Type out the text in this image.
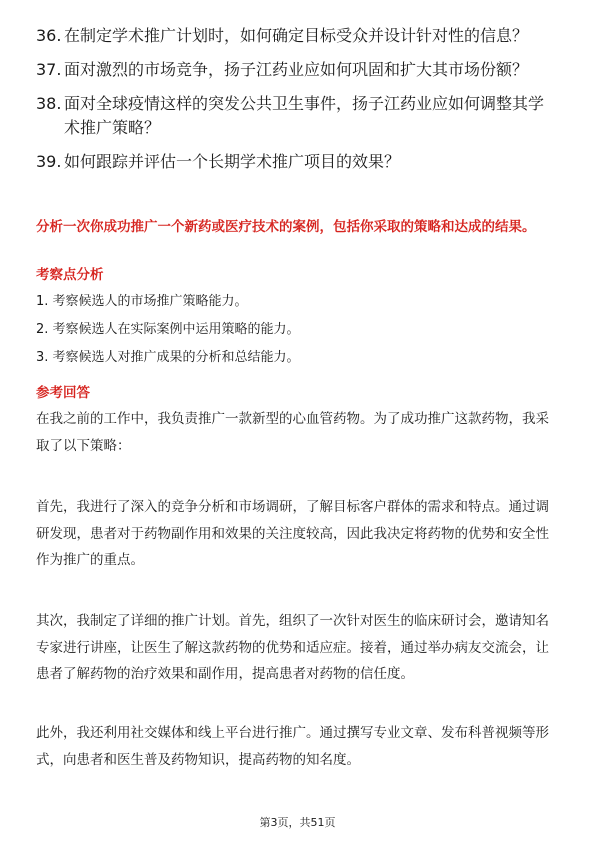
36. 在制定学术推广计划时，如何确定目标受众并设计针对性的信息？
37. 面对激烈的市场竞争，扬子江药业应如何巩固和扩大其市场份额？
38. 面对全球疫情这样的突发公共卫生事件，扬子江药业应如何调整其学术推广策略？
39. 如何跟踪并评估一个长期学术推广项目的效果？
分析一次你成功推广一个新药或医疗技术的案例，包括你采取的策略和达成的结果。
考察点分析
1. 考察候选人的市场推广策略能力。
2. 考察候选人在实际案例中运用策略的能力。
3. 考察候选人对推广成果的分析和总结能力。
参考回答
在我之前的工作中，我负责推广一款新型的心血管药物。为了成功推广这款药物，我采取了以下策略：
首先，我进行了深入的竞争分析和市场调研，了解目标客户群体的需求和特点。通过调研发现，患者对于药物副作用和效果的关注度较高，因此我决定将药物的优势和安全性作为推广的重点。
其次，我制定了详细的推广计划。首先，组织了一次针对医生的临床研讨会，邀请知名专家进行讲座，让医生了解这款药物的优势和适应症。接着，通过举办病友交流会，让患者了解药物的治疗效果和副作用，提高患者对药物的信任度。
此外，我还利用社交媒体和线上平台进行推广。通过撰写专业文章、发布科普视频等形式，向患者和医生普及药物知识，提高药物的知名度。
第3页，共51页
